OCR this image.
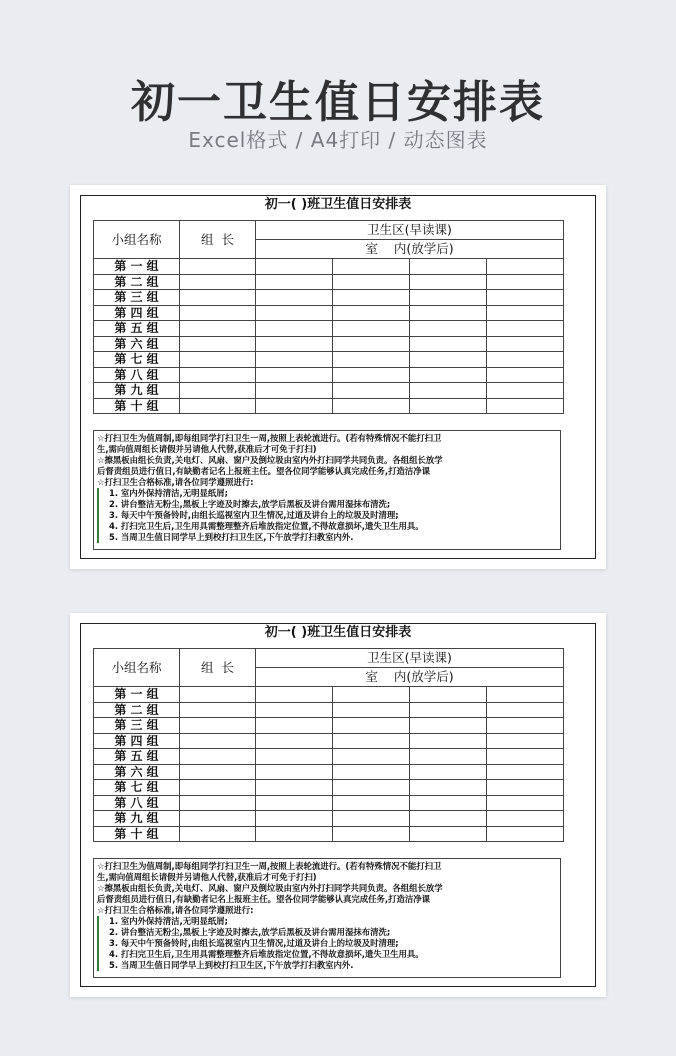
初一卫生值日安排表
Excel格式 / A4打印 / 动态图表
初一( )班卫生值日安排表
小组名称	组  长	卫生区(早读课)			
		室    内(放学后)			
第 一 组					
第 二 组					
第 三 组					
第 四 组					
第 五 组					
第 六 组					
第 七 组					
第 八 组					
第 九 组					
第 十 组					
☆打扫卫生为值周制,即每组同学打扫卫生一周,按照上表轮流进行。(若有特殊情况不能打扫卫
生,需向值周组长请假并另请他人代替,获准后才可免于打扫)
☆擦黑板由组长负责,关电灯、风扇、窗户及倒垃圾由室内外打扫同学共同负责。各组组长放学
后督责组员进行值日,有缺勤者记名上报班主任。望各位同学能够认真完成任务,打造洁净课
☆打扫卫生合格标准,请各位同学遵照进行:
1. 室内外保持清洁,无明显纸屑;
2. 讲台整洁无粉尘,黑板上字迹及时擦去,放学后黑板及讲台需用湿抹布清洗;
3. 每天中午预备铃时,由组长巡视室内卫生情况,过道及讲台上的垃圾及时清理;
4. 打扫完卫生后,卫生用具需整理整齐后堆放指定位置,不得故意损坏,遗失卫生用具。
5. 当周卫生值日同学早上到校打扫卫生区,下午放学打扫教室内外.
初一( )班卫生值日安排表
小组名称	组  长	卫生区(早读课)			
		室    内(放学后)			
第 一 组					
第 二 组					
第 三 组					
第 四 组					
第 五 组					
第 六 组					
第 七 组					
第 八 组					
第 九 组					
第 十 组					
☆打扫卫生为值周制,即每组同学打扫卫生一周,按照上表轮流进行。(若有特殊情况不能打扫卫
生,需向值周组长请假并另请他人代替,获准后才可免于打扫)
☆擦黑板由组长负责,关电灯、风扇、窗户及倒垃圾由室内外打扫同学共同负责。各组组长放学
后督责组员进行值日,有缺勤者记名上报班主任。望各位同学能够认真完成任务,打造洁净课
☆打扫卫生合格标准,请各位同学遵照进行:
1. 室内外保持清洁,无明显纸屑;
2. 讲台整洁无粉尘,黑板上字迹及时擦去,放学后黑板及讲台需用湿抹布清洗;
3. 每天中午预备铃时,由组长巡视室内卫生情况,过道及讲台上的垃圾及时清理;
4. 打扫完卫生后,卫生用具需整理整齐后堆放指定位置,不得故意损坏,遗失卫生用具。
5. 当周卫生值日同学早上到校打扫卫生区,下午放学打扫教室内外.
